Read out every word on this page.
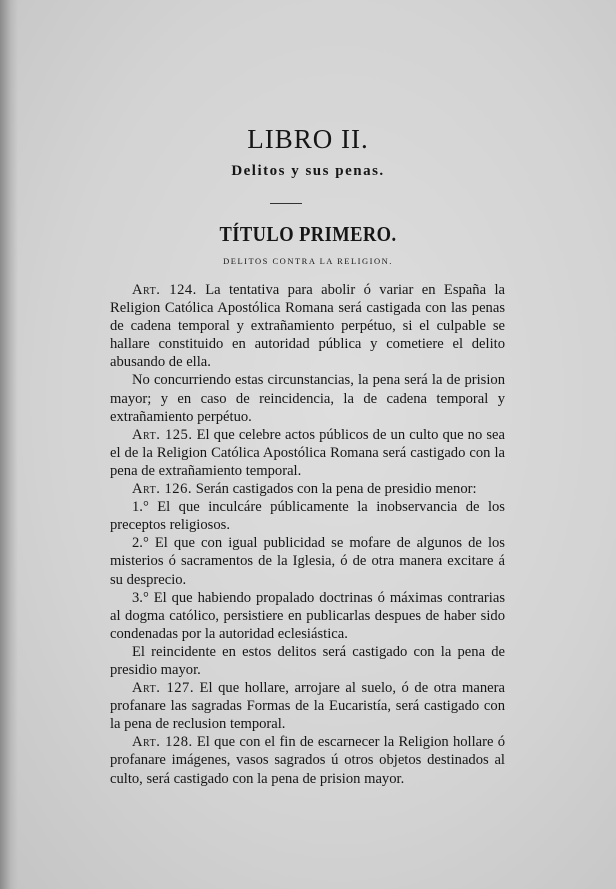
LIBRO II.
Delitos y sus penas.
TÍTULO PRIMERO.
DELITOS CONTRA LA RELIGION.

Art. 124. La tentativa para abolir ó variar en España la Religion Católica Apostólica Romana será castigada con las penas de cadena temporal y extrañamiento perpétuo, si el culpable se hallare constituido en autoridad pública y cometiere el delito abusando de ella.

No concurriendo estas circunstancias, la pena será la de prision mayor; y en caso de reincidencia, la de cadena temporal y extrañamiento perpétuo.

Art. 125. El que celebre actos públicos de un culto que no sea el de la Religion Católica Apostólica Romana será castigado con la pena de extrañamiento temporal.

Art. 126. Serán castigados con la pena de presidio menor:

1.° El que inculcáre públicamente la inobservancia de los preceptos religiosos.

2.° El que con igual publicidad se mofare de algunos de los misterios ó sacramentos de la Iglesia, ó de otra manera excitare á su desprecio.

3.° El que habiendo propalado doctrinas ó máximas contrarias al dogma católico, persistiere en publicarlas despues de haber sido condenadas por la autoridad eclesiástica.

El reincidente en estos delitos será castigado con la pena de presidio mayor.

Art. 127. El que hollare, arrojare al suelo, ó de otra manera profanare las sagradas Formas de la Eucaristía, será castigado con la pena de reclusion temporal.

Art. 128. El que con el fin de escarnecer la Religion hollare ó profanare imágenes, vasos sagrados ú otros objetos destinados al culto, será castigado con la pena de prision mayor.
